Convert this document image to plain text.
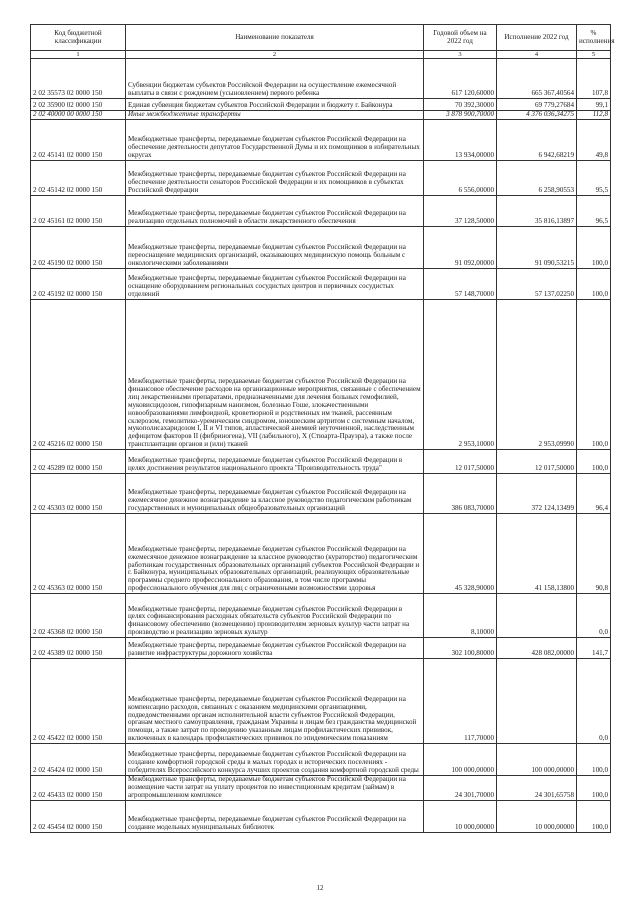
Код бюджетной классификации	Наименование показателя	Годовой объем на 2022 год	Исполнение 2022 год	% исполнения
1	2	3	4	5
2 02 35573 02 0000 150	Субвенции бюджетам субъектов Российской Федерации на осуществление ежемесячной выплаты в связи с рождением (усыновлением) первого ребенка	617 120,60000	665 367,40564	107,8
2 02 35900 02 0000 150	Единая субвенция бюджетам субъектов Российской Федерации и бюджету г. Байконура	70 392,30000	69 779,27684	99,1
2 02 40000 00 0000 150	Иные межбюджетные трансферты	3 878 900,70000	4 376 036,34275	112,8
2 02 45141 02 0000 150	Межбюджетные трансферты, передаваемые бюджетам субъектов Российской Федерации на обеспечение деятельности депутатов Государственной Думы и их помощников в избирательных округах	13 934,00000	6 942,68219	49,8
2 02 45142 02 0000 150	Межбюджетные трансферты, передаваемые бюджетам субъектов Российской Федерации на обеспечение деятельности сенаторов Российской Федерации и их помощников в субъектах Российской Федерации	6 556,00000	6 258,90553	95,5
2 02 45161 02 0000 150	Межбюджетные трансферты, передаваемые бюджетам субъектов Российской Федерации на реализацию отдельных полномочий в области лекарственного обеспечения	37 128,50000	35 816,13897	96,5
2 02 45190 02 0000 150	Межбюджетные трансферты, передаваемые бюджетам субъектов Российской Федерации на переоснащение медицинских организаций, оказывающих медицинскую помощь больным с онкологическими заболеваниями	91 092,00000	91 090,53215	100,0
2 02 45192 02 0000 150	Межбюджетные трансферты, передаваемые бюджетам субъектов Российской Федерации на оснащение оборудованием региональных сосудистых центров и первичных сосудистых отделений	57 148,70000	57 137,02250	100,0
2 02 45216 02 0000 150	Межбюджетные трансферты, передаваемые бюджетам субъектов Российской Федерации на финансовое обеспечение расходов на организационные мероприятия, связанные с обеспечением лиц лекарственными препаратами, предназначенными для лечения больных гемофилией, муковисцидозом, гипофизарным нанизмом, болезнью Гоше, злокачественными новообразованиями лимфоидной, кроветворной и родственных им тканей, рассеянным склерозом, гемолитико-уремическим синдромом, юношеским артритом с системным началом, мукополисахаридозом I, II и VI типов, апластической анемией неуточненной, наследственным дефицитом факторов II (фибриногена), VII (лабильного), X (Стюарта-Прауэра), а также после трансплантации органов и (или) тканей	2 953,10000	2 953,09990	100,0
2 02 45289 02 0000 150	Межбюджетные трансферты, передаваемые бюджетам субъектов Российской Федерации в целях достижения результатов национального проекта "Производительность труда"	12 017,50000	12 017,50000	100,0
2 02 45303 02 0000 150	Межбюджетные трансферты, передаваемые бюджетам субъектов Российской Федерации на ежемесячное денежное вознаграждение за классное руководство педагогическим работникам государственных и муниципальных общеобразовательных организаций	386 083,70000	372 124,13499	96,4
2 02 45363 02 0000 150	Межбюджетные трансферты, передаваемые бюджетам субъектов Российской Федерации на ежемесячное денежное вознаграждение за классное руководство (кураторство) педагогическим работникам государственных образовательных организаций субъектов Российской Федерации и г. Байконура, муниципальных образовательных организаций, реализующих образовательные программы среднего профессионального образования, в том числе программы профессионального обучения для лиц с ограниченными возможностями здоровья	45 328,90000	41 158,13800	90,8
2 02 45368 02 0000 150	Межбюджетные трансферты, передаваемые бюджетам субъектов Российской Федерации в целях софинансирования расходных обязательств субъектов Российской Федерации по финансовому обеспечению (возмещению) производителям зерновых культур части затрат на производство и реализацию зерновых культур	8,10000		0,0
2 02 45389 02 0000 150	Межбюджетные трансферты, передаваемые бюджетам субъектов Российской Федерации на развитие инфраструктуры дорожного хозяйства	302 100,80000	428 082,00000	141,7
2 02 45422 02 0000 150	Межбюджетные трансферты, передаваемые бюджетам субъектов Российской Федерации на компенсацию расходов, связанных с оказанием медицинскими организациями, подведомственными органам исполнительной власти субъектов Российской Федерации, органам местного самоуправления, гражданам Украины и лицам без гражданства медицинской помощи, а также затрат по проведению указанным лицам профилактических прививок, включенных в календарь профилактических прививок по эпидемическим показаниям	117,70000		0,0
2 02 45424 02 0000 150	Межбюджетные трансферты, передаваемые бюджетам субъектов Российской Федерации на создание комфортной городской среды в малых городах и исторических поселениях - победителях Всероссийского конкурса лучших проектов создания комфортной городской среды	100 000,00000	100 000,00000	100,0
2 02 45433 02 0000 150	Межбюджетные трансферты, передаваемые бюджетам субъектов Российской Федерации на возмещение части затрат на уплату процентов по инвестиционным кредитам (займам) в агропромышленном комплексе	24 301,70000	24 301,65758	100,0
2 02 45454 02 0000 150	Межбюджетные трансферты, передаваемые бюджетам субъектов Российской Федерации на создание модельных муниципальных библиотек	10 000,00000	10 000,00000	100,0
12
